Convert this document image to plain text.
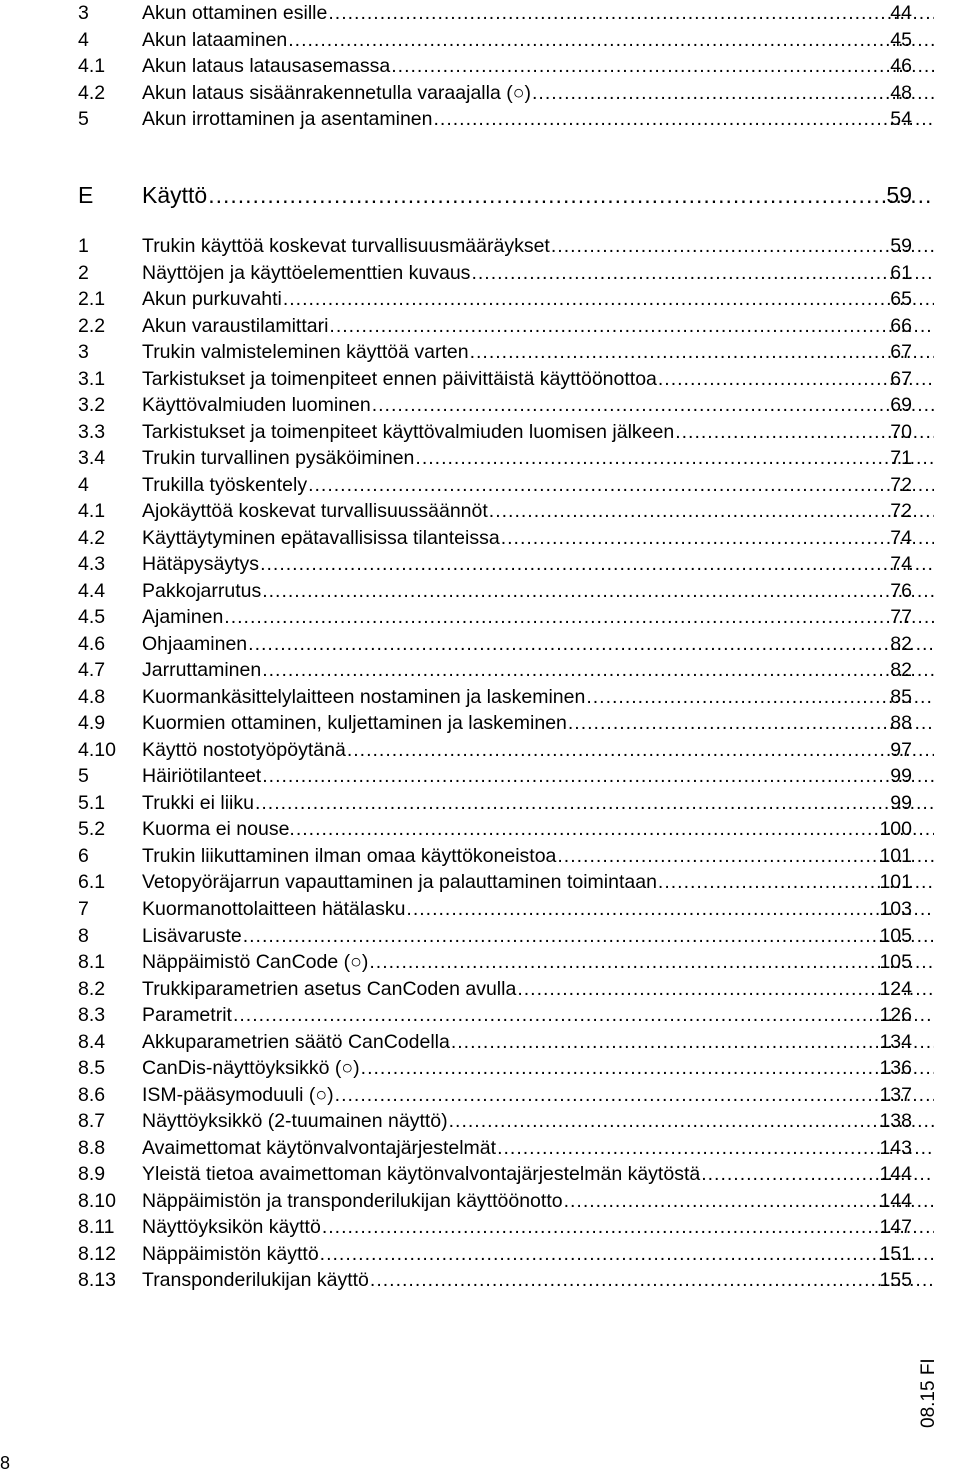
3	Akun ottaminen esille .....	44
4	Akun lataaminen .....	45
4.1 Akun lataus latausasemassa .....	46
4.2 Akun lataus sisäänrakennetulla varaajalla (○) .....	48
5	Akun irrottaminen ja asentaminen .....	54
E Käyttö .....	59
1	Trukin käyttöä koskevat turvallisuusmääräykset .....	59
2	Näyttöjen ja käyttöelementtien kuvaus .....	61
2.1 Akun purkuvahti .....	65
2.2 Akun varaustilamittari .....	66
3	Trukin valmisteleminen käyttöä varten .....	67
3.1 Tarkistukset ja toimenpiteet ennen päivittäistä käyttöönottoa .....	67
3.2 Käyttövalmiuden luominen .....	69
3.3 Tarkistukset ja toimenpiteet käyttövalmiuden luomisen jälkeen .....	70
3.4 Trukin turvallinen pysäköiminen .....	71
4	Trukilla työskentely .....	72
4.1 Ajokäyttöä koskevat turvallisuussäännöt .....	72
4.2 Käyttäytyminen epätavallisissa tilanteissa .....	74
4.3 Hätäpysäytys .....	74
4.4 Pakkojarrutus .....	76
4.5 Ajaminen .....	77
4.6 Ohjaaminen .....	82
4.7 Jarruttaminen .....	82
4.8 Kuormankäsittelylaitteen nostaminen ja laskeminen .....	85
4.9 Kuormien ottaminen, kuljettaminen ja laskeminen .....	88
4.10 Käyttö nostotyöpöytänä .....	97
5	Häiriötilanteet .....	99
5.1 Trukki ei liiku .....	99
5.2 Kuorma ei nouse. .....	100
6	Trukin liikuttaminen ilman omaa käyttökoneistoa .....	101
6.1 Vetopyöräjarrun vapauttaminen ja palauttaminen toimintaan .....	101
7	Kuormanottolaitteen hätälasku .....	103
8	Lisävaruste .....	105
8.1 Näppäimistö CanCode (○) .....	105
8.2 Trukkiparametrien asetus CanCoden avulla .....	124
8.3 Parametrit .....	126
8.4 Akkuparametrien säätö CanCodella .....	134
8.5 CanDis-näyttöyksikkö (○) .....	136
8.6 ISM-pääsymoduuli (○) .....	137
8.7 Näyttöyksikkö (2-tuumainen näyttö) .....	138
8.8 Avaimettomat käytönvalvontajärjestelmät .....	143
8.9 Yleistä tietoa avaimettoman käytönvalvontajärjestelmän käytöstä .....	144
8.10 Näppäimistön ja transponderilukijan käyttöönotto .....	144
8.11 Näyttöyksikön käyttö .....	147
8.12 Näppäimistön käyttö .....	151
8.13 Transponderilukijan käyttö .....	155
08.15 FI
8
